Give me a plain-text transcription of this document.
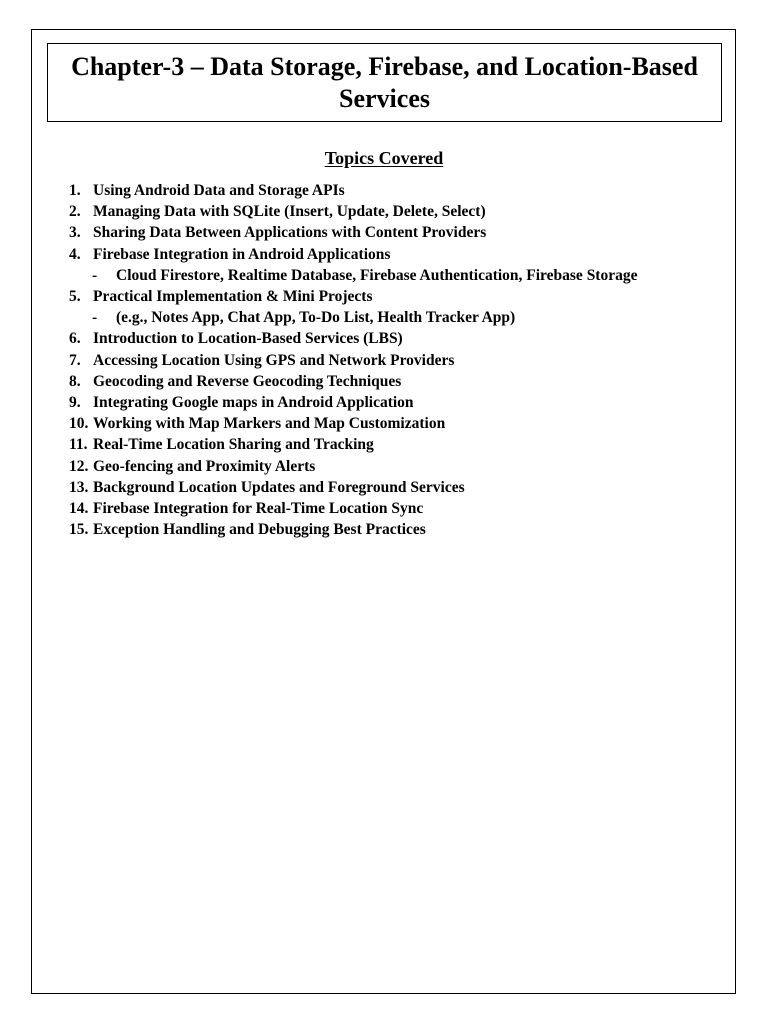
Chapter-3 – Data Storage, Firebase, and Location-Based Services

Topics Covered
1. Using Android Data and Storage APIs
2. Managing Data with SQLite (Insert, Update, Delete, Select)
3. Sharing Data Between Applications with Content Providers
4. Firebase Integration in Android Applications
- Cloud Firestore, Realtime Database, Firebase Authentication, Firebase Storage
5. Practical Implementation & Mini Projects
- (e.g., Notes App, Chat App, To-Do List, Health Tracker App)
6. Introduction to Location-Based Services (LBS)
7. Accessing Location Using GPS and Network Providers
8. Geocoding and Reverse Geocoding Techniques
9. Integrating Google maps in Android Application
10. Working with Map Markers and Map Customization
11. Real-Time Location Sharing and Tracking
12. Geo-fencing and Proximity Alerts
13. Background Location Updates and Foreground Services
14. Firebase Integration for Real-Time Location Sync
15. Exception Handling and Debugging Best Practices
